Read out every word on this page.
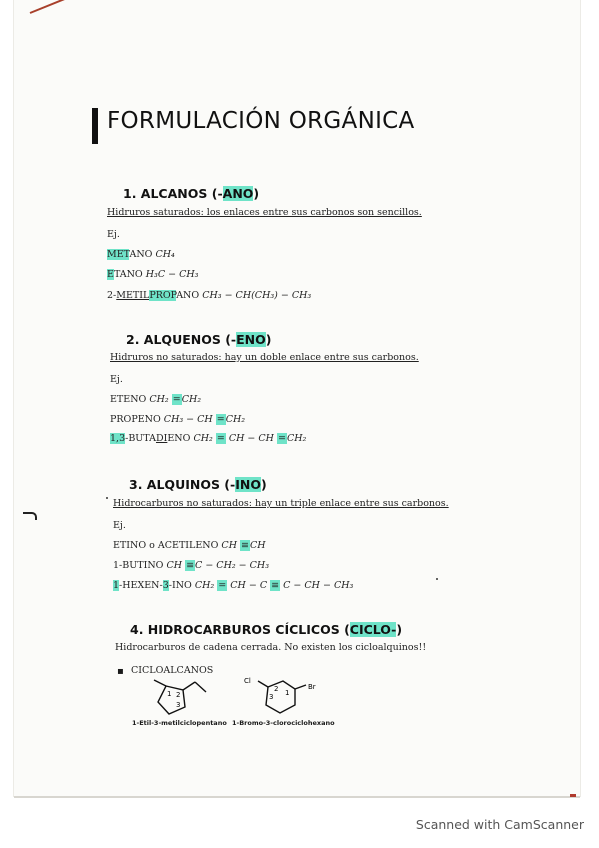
FORMULACIÓN ORGÁNICA
1. ALCANOS (-ANO)
Hidruros saturados: los enlaces entre sus carbonos son sencillos.
Ej.
METANO CH₄
ETANO H₃C − CH₃
2-METILPROPANO CH₃ − CH(CH₃) − CH₃
2. ALQUENOS (-ENO)
Hidruros no saturados: hay un doble enlace entre sus carbonos.
Ej.
ETENO CH₂ =CH₂
PROPENO CH₃ − CH =CH₂
1,3-BUTADIENO CH₂ = CH − CH =CH₂
3. ALQUINOS (-INO)
Hidrocarburos no saturados: hay un triple enlace entre sus carbonos.
Ej.
ETINO o ACETILENO CH ≡CH
1-BUTINO CH ≡C − CH₂ − CH₃
1-HEXEN-3-INO CH₂ = CH − C ≡ C − CH − CH₃
4. HIDROCARBUROS CÍCLICOS (CICLO-)
Hidrocarburos de cadena cerrada. No existen los cicloalquinos!!
▪ CICLOALCANOS
1 2
3
1-Etil-3-metilciclopentano
Cl
Br
1
2
3
1-Bromo-3-clorociclohexano
Scanned with CamScanner
